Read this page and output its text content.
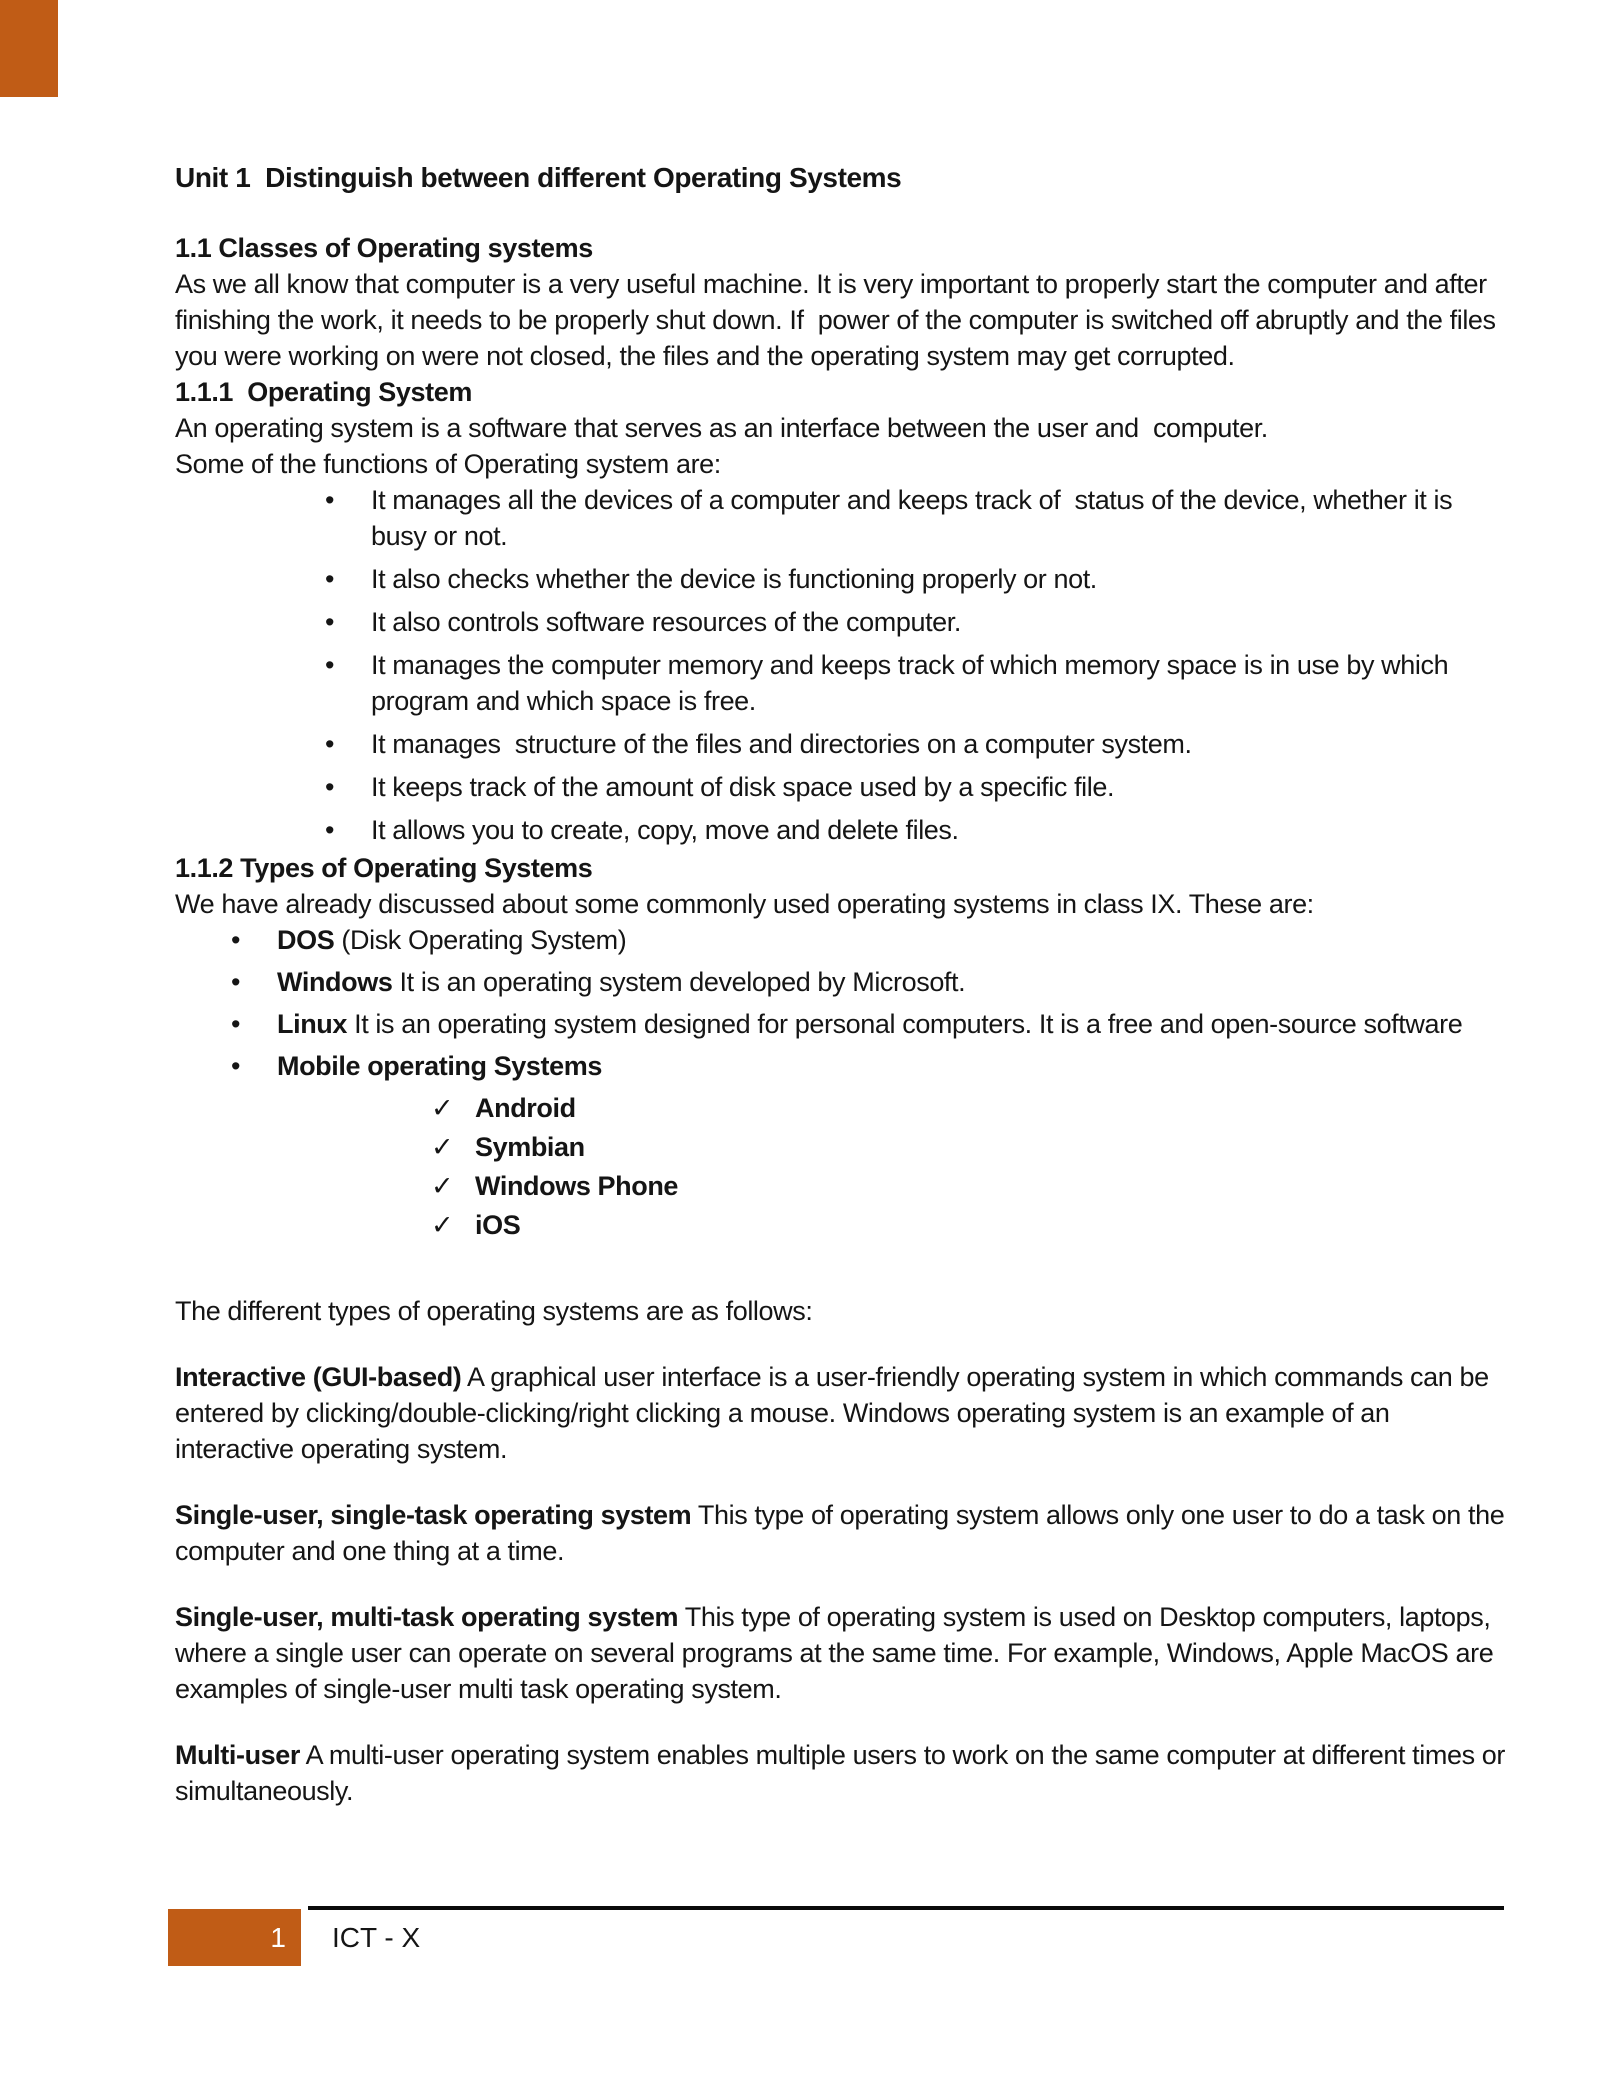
Unit 1  Distinguish between different Operating Systems
1.1 Classes of Operating systems

As we all know that computer is a very useful machine. It is very important to properly start the computer and after finishing the work, it needs to be properly shut down. If  power of the computer is switched off abruptly and the files you were working on were not closed, the files and the operating system may get corrupted.

1.1.1  Operating System

An operating system is a software that serves as an interface between the user and  computer.

Some of the functions of Operating system are:

•	It manages all the devices of a computer and keeps track of  status of the device, whether it is busy or not.
•	It also checks whether the device is functioning properly or not.
•	It also controls software resources of the computer.
•	It manages the computer memory and keeps track of which memory space is in use by which program and which space is free.
•	It manages  structure of the files and directories on a computer system.
•	It keeps track of the amount of disk space used by a specific file.
•	It allows you to create, copy, move and delete files.
1.1.2 Types of Operating Systems

We have already discussed about some commonly used operating systems in class IX. These are:

•	DOS (Disk Operating System)
•	Windows It is an operating system developed by Microsoft.
•	Linux It is an operating system designed for personal computers. It is a free and open-source software
•	Mobile operating Systems
✓ Android
✓ Symbian
✓ Windows Phone
✓ iOS

The different types of operating systems are as follows:

Interactive (GUI-based) A graphical user interface is a user-friendly operating system in which commands can be entered by clicking/double-clicking/right clicking a mouse. Windows operating system is an example of an interactive operating system.

Single-user, single-task operating system This type of operating system allows only one user to do a task on the computer and one thing at a time.

Single-user, multi-task operating system This type of operating system is used on Desktop computers, laptops, where a single user can operate on several programs at the same time. For example, Windows, Apple MacOS are examples of single-user multi task operating system.

Multi-user A multi-user operating system enables multiple users to work on the same computer at different times or simultaneously.

1	ICT - X
